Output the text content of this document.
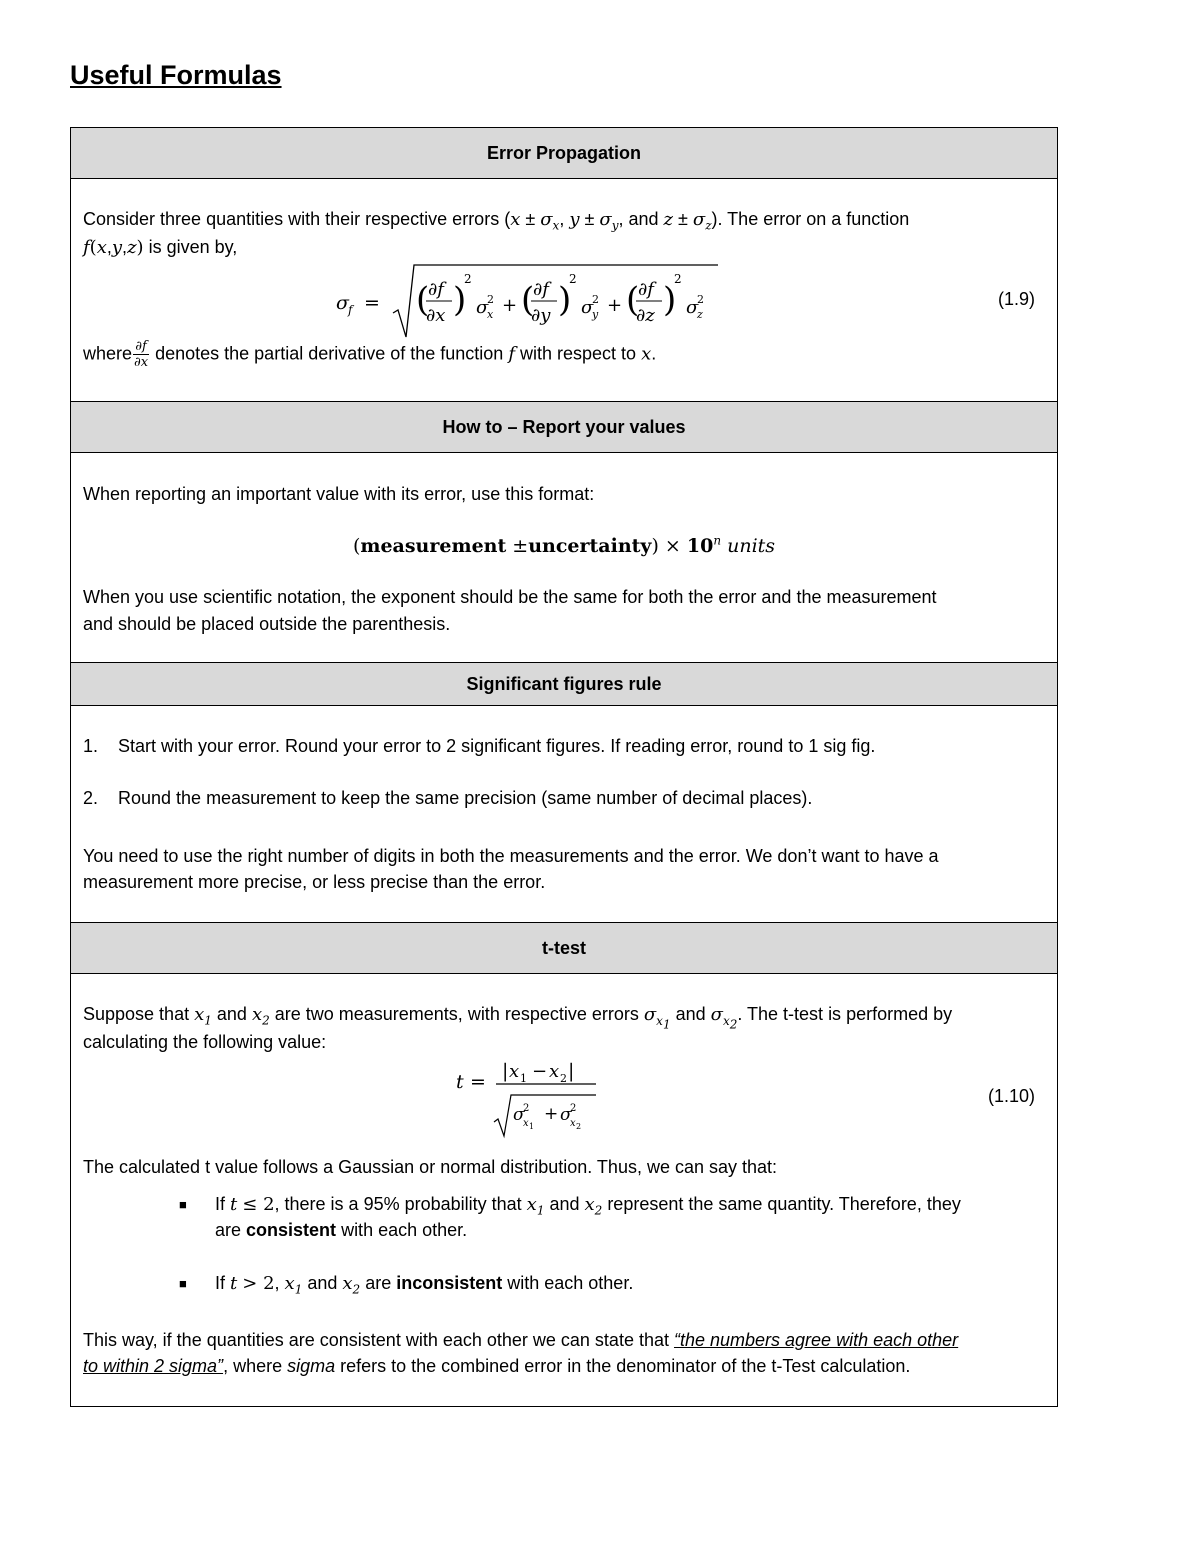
Useful Formulas
Error Propagation
Consider three quantities with their respective errors ($x \pm \sigma_x$, $y \pm \sigma_y$, and $z \pm \sigma_z$). The error on a function
f(x,y,z) is given by,
σ f = (
∂f
∂x )
2
σ
2
x + (
∂f
∂y )
2
σ
2
y + (
∂f
∂z )
2
σ
2
z
(1.9)
where $\frac{\partial f}{\partial x}$ denotes the partial derivative of the function f with respect to x.
How to – Report your values
When reporting an important value with its error, use this format:
(measurement ±uncertainty) × $10^n$ units
When you use scientific notation, the exponent should be the same for both the error and the measurement
and should be placed outside the parenthesis.
Significant figures rule
1. Start with your error. Round your error to 2 significant figures. If reading error, round to 1 sig fig.
2. Round the measurement to keep the same precision (same number of decimal places).
You need to use the right number of digits in both the measurements and the error. We don’t want to have a
measurement more precise, or less precise than the error.
t-test
Suppose that $x_1$ and $x_2$ are two measurements, with respective errors $\sigma_{x_1}$ and $\sigma_{x_2}$. The t-test is performed by
calculating the following value:
t = | x 1 − x 2 |
σ
2
x 1
+ σ
2
x 2
(1.10)
The calculated t value follows a Gaussian or normal distribution. Thus, we can say that:
■ If t ≤ 2, there is a 95% probability that $x_1$ and $x_2$ represent the same quantity. Therefore, they
are consistent with each other.
■ If t > 2, $x_1$ and $x_2$ are inconsistent with each other.
This way, if the quantities are consistent with each other we can state that “the numbers agree with each other
to within 2 sigma”, where sigma refers to the combined error in the denominator of the t-Test calculation.
